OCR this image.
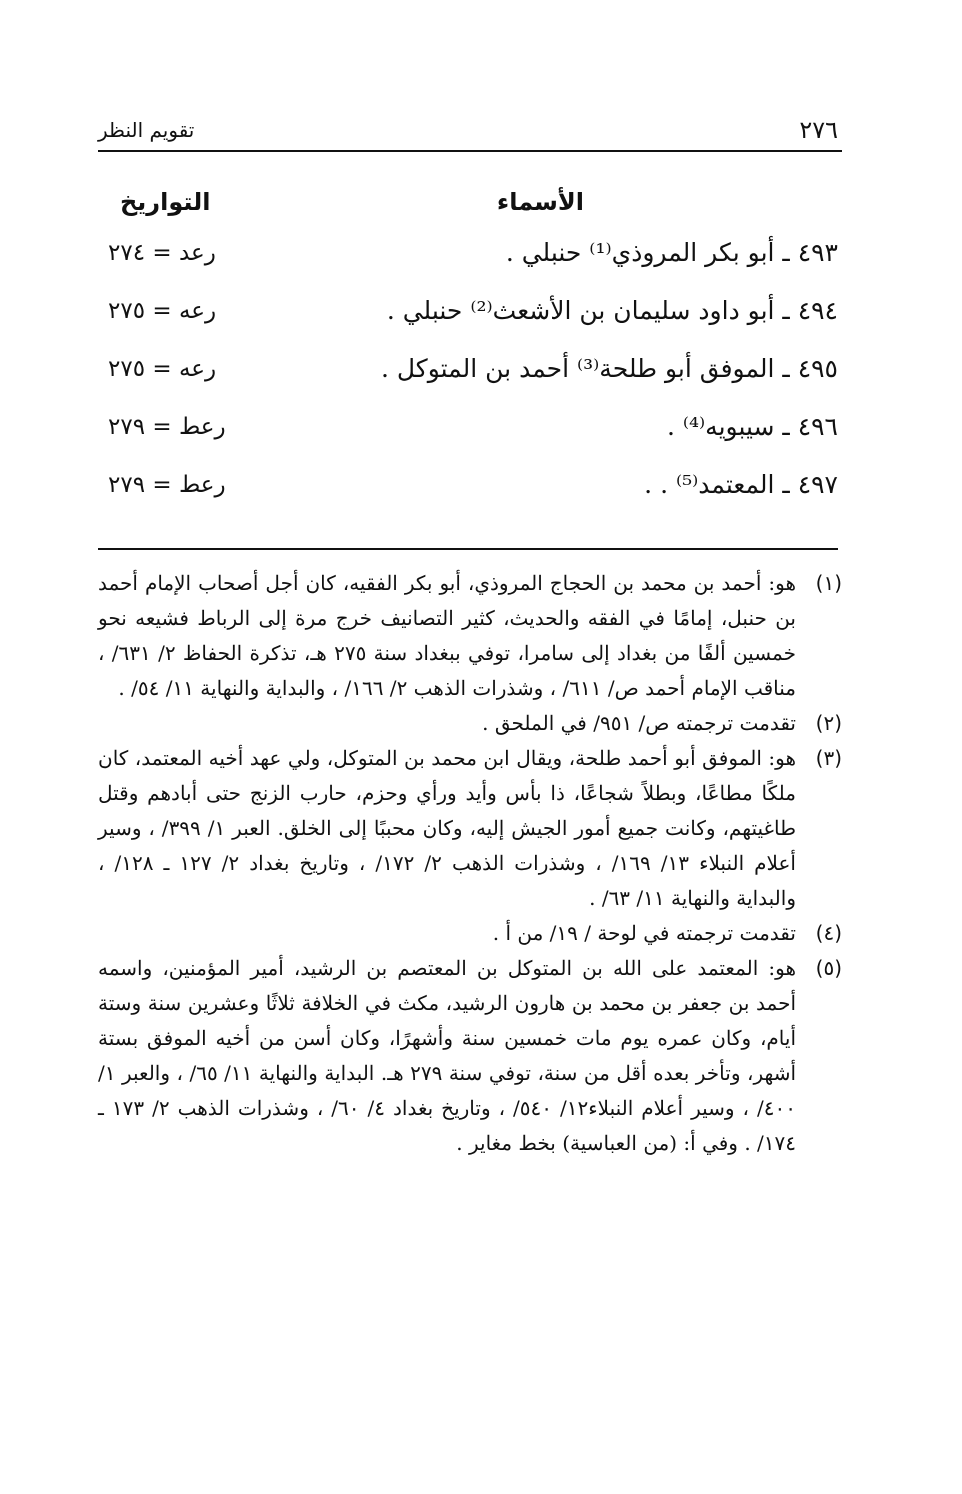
٢٧٦
تقويم النظر
الأسماء
التواريخ
٤٩٣ ـ أبو بكر المروذي⁽¹⁾ حنبلي .
رعد = ٢٧٤
٤٩٤ ـ أبو داود سليمان بن الأشعث⁽²⁾ حنبلي .
رعه = ٢٧٥
٤٩٥ ـ الموفق أبو طلحة⁽³⁾ أحمد بن المتوكل .
رعه = ٢٧٥
٤٩٦ ـ سيبويه⁽⁴⁾ .
رعط = ٢٧٩
٤٩٧ ـ المعتمد⁽⁵⁾ . .
رعط = ٢٧٩

(١)
هو: أحمد بن محمد بن الحجاج المروذي، أبو بكر الفقيه، كان أجل أصحاب الإمام أحمد بن حنبل، إمامًا في الفقه والحديث، كثير التصانيف خرج مرة إلى الرباط فشيعه نحو خمسين ألفًا من بغداد إلى سامرا، توفي ببغداد سنة ٢٧٥ هـ، تذكرة الحفاظ ٢/ ٦٣١/ ، مناقب الإمام أحمد ص/ ٦١١/ ، وشذرات الذهب ٢/ ١٦٦/ ، والبداية والنهاية ١١/ ٥٤/ .

(٢)
تقدمت ترجمته ص/ ٩٥١/ في الملحق .

(٣)
هو: الموفق أبو أحمد طلحة، ويقال ابن محمد بن المتوكل، ولي عهد أخيه المعتمد، كان ملكًا مطاعًا، وبطلاً شجاعًا، ذا بأس وأيد ورأي وحزم، حارب الزنج حتى أبادهم وقتل طاغيتهم، وكانت جميع أمور الجيش إليه، وكان محببًا إلى الخلق. العبر ١/ ٣٩٩/ ، وسير أعلام النبلاء ١٣/ ١٦٩/ ، وشذرات الذهب ٢/ ١٧٢/ ، وتاريخ بغداد ٢/ ١٢٧ ـ ١٢٨/ ، والبداية والنهاية ١١/ ٦٣/ .

(٤)
تقدمت ترجمته في لوحة / ١٩/ من أ .

(٥)
هو: المعتمد على الله بن المتوكل بن المعتصم بن الرشيد، أمير المؤمنين، واسمه أحمد بن جعفر بن محمد بن هارون الرشيد، مكث في الخلافة ثلاثًا وعشرين سنة وستة أيام، وكان عمره يوم مات خمسين سنة وأشهرًا، وكان أسن من أخيه الموفق بستة أشهر، وتأخر بعده أقل من سنة، توفي سنة ٢٧٩ هـ. البداية والنهاية ١١/ ٦٥/ ، والعبر ١/ ٤٠٠/ ، وسير أعلام النبلاء١٢/ ٥٤٠/ ، وتاريخ بغداد ٤/ ٦٠/ ، وشذرات الذهب ٢/ ١٧٣ ـ ١٧٤/ . وفي أ: (من العباسية) بخط مغاير .
